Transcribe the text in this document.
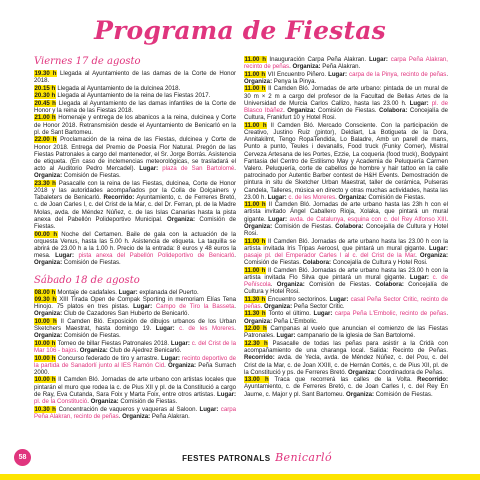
Programa de Fiestas
Viernes 17 de agosto

19.30 h Llegada al Ayuntamiento de las damas de la Corte de Honor 2018.

20.15 h Llegada al Ayuntamiento de la dulcinea 2018.

20.30 h Llegada al Ayuntamiento de la reina de las Fiestas 2017.

20.45 h Llegada al Ayuntamiento de las damas infantiles de la Corte de Honor y la reina de las Fiestas 2018.

21.00 h Homenaje y entrega de los abanicos a la reina, dulcinea y Corte de Honor 2018. Retransmisión desde el Ayuntamiento de Benicarló en la pl. de Sant Bartomeu.

22.00 h Proclamación de la reina de las Fiestas, dulcinea y Corte de Honor 2018. Entrega del Premio de Poesía Flor Natural. Pregón de las Fiestas Patronales a cargo del mantenedor, el Sr. Jorge Borrás. Asistencia de etiqueta. (En caso de inclemencias meteorológicas, se trasladará el acto al Auditorio Pedro Mercadel). Lugar: plaza de San Bartolomé. Organiza: Comisión de Fiestas.

23.30 h Pasacalle con la reina de las Fiestas, dulcinea, Corte de Honor 2018 y las autoridades acompañados por la Colla de Dolçainers y Tabaleters de Benicarló. Recorrido: Ayuntamiento, c. de Ferreres Bretó, c. de Joan Carles I, c. del Crist de la Mar, c. del Dr. Ferran, pl. de la Madre Molas, avda. de Méndez Núñez, c. de las Islas Canarias hasta la pista anexa del Pabellón Polideportivo Municipal. Organiza: Comisión de Fiestas.

00.00 h Noche del Certamen. Baile de gala con la actuación de la orquesta Venus, hasta las 5.00 h. Asistencia de etiqueta. La taquilla se abrirá de 23.00 h a la 1.00 h. Precio de la entrada: 8 euros y 48 euros la mesa. Lugar: pista anexa del Pabellón Polideportivo de Benicarló. Organiza: Comisión de Fiestas.

Sábado 18 de agosto

08.00 h Montaje de cadafales. Lugar: explanada del Puerto.

09.30 h XIII Tirada Open de Compak Sporting in memoriam Elías Tena Hinojo. 75 platos en tres pistas. Lugar: Campo de Tiro la Basseta. Organiza: Club de Cazadores San Huberto de Benicarló.

10.00 h II Camden Bló. Exposición de dibujos urbanos de los Urban Sketchers Maestrat, hasta domingo 19. Lugar: c. de les Moreres. Organiza: Comisión de Fiestas.

10.00 h Torneo de billar Fiestas Patronales 2018. Lugar: c. del Crist de la Mar 106 - bajos. Organiza: Club de Ajedrez Benicarló.

10.00 h Concurso federado de tiro y arrastre. Lugar: recinto deportivo de la partida de Sanadorlí junto al IES Ramón Cid. Organiza: Peña Surrach 2000.

10.00 h II Camden Bló. Jornadas de arte urbano con artistas locales que pintarán el muro que rodea la c. de Pius XII y pl. de la Constitució a cargo de Ray, Eva Cutanda, Sara Foix y Marta Foix, entre otros artistas. Lugar: pl. de la Constitució. Organiza: Comisión de Fiestas.

10.30 h Concentración de vaqueros y vaqueras al Saloon. Lugar: carpa Peña Alakran, recinto de peñas. Organiza: Peña Alakran.

11.00 h Inauguración Carpa Peña Alakran. Lugar: carpa Peña Alakran, recinto de peñas. Organiza: Peña Alakran.

11.00 h VII Encuentro Piñero. Lugar: carpa de la Pinya, recinto de peñas. Organiza: Penya la Pinya.

11.00 h II Camden Bló. Jornadas de arte urbano: pintada de un mural de 30 m × 2 m a cargo del profesor de la Facultad de Bellas Artes de la Universidad de Murcia Carlos Callizo, hasta las 23.00 h. Lugar: pl. de Blasco Ibáñez. Organiza: Comisión de Fiestas. Colabora: Concejalía de Cultura, Frankfurt 10 y Hotel Rosi.

11.00 h II Camden Bló. Mercado Consciente. Con la participación de Creativo, Justino Ruiz (pintor), Deldiart, La Botigueta de la Dora, Annitakilmt, Tengo RopaTendida, Lo Baladre, Amb un parell de mans, Punto a punto, Teules i devanalls, Food truck (Funky Corner), Mistral Cerveza Artesana de les Portes, Ezzie, La coqueria (food truck), Bodypaint Fantasia del Centro de Estilismo May y Academia de Peluquería Carmen Valero. Peluquería, corte de cabellos de hombre y hair tattoo en la calle patrocinado por Autentic Barber contest de H&H Events. Demostración de pintura in situ de Sketcher Urban Maestrat, taller de cerámica, Pulseras Candela, Talleres, música en directo y otras muchas actividades, hasta las 23.00 h. Lugar: c. de les Moreres. Organiza: Comisión de Fiestas.

11.00 h II Camden Bló. Jornadas de arte urbano hasta las 23h h con el artista invitado Ángel Caballero Rioja, Xolaka, que pintará un mural gigante. Lugar: avda. de Catalunya, esquina con c. del Rey Alfonso XIII. Organiza: Comisión de Fiestas. Colabora: Concejalía de Cultura y Hotel Rosi.

11.00 h II Camden Bló. Jornadas de arte urbano hasta las 23.00 h con la artista invitada Iris Tripas Aeroosl, que pintará un mural gigante. Lugar: pasaje pl. del Emperador Carles I al c. del Crist de la Mar. Organiza: Comisión de Fiestas. Colabora: Concejalía de Cultura y Hotel Rosi.

11.00 h II Camden Bló. Jornadas de arte urbano hasta las 23.00 h con la artista invitada Flo Silva que pintará un mural gigante. Lugar: c. de Peñíscola. Organiza: Comisión de Fiestas. Colabora: Concejalía de Cultura y Hotel Rosi.

11.30 h Encuentro sectorinos. Lugar: casal Peña Sector Critic, recinto de peñas. Organiza: Peña Sector Critic.

11.30 h Tonto el último. Lugar: carpa Peña L'Embolic, recinto de peñas. Organiza: Peña L'Embolic.

12.00 h Campanas al vuelo que anuncian el comienzo de las Fiestas Patronales. Lugar: campanario de la iglesia de San Bartolomé.

12.30 h Pasacalle de todas las peñas para asistir a la Cridà con acompañamiento de una charanga local. Salida: Recinto de Peñas. Recorrido: avda. de Yecla, avda. de Méndez Núñez, c. del Pou, c. del Crist de la Mar, c. de Joan XXIII, c. de Hernán Cortés, c. de Pius XII, pl. de la Constitució y ps. de Ferreres Bretó. Organiza: Coordinadora de Peñas.

13.00 h Traca que recorrerá las calles de la Volta. Recorrido: Ayuntamiento, c. de Ferreres Bretó, c. de Joan Carles I, c. del Rey En Jaume, c. Major y pl. Sant Bartomeu. Organiza: Comisión de Fiestas.

58	FESTES PATRONALS Benicarló
